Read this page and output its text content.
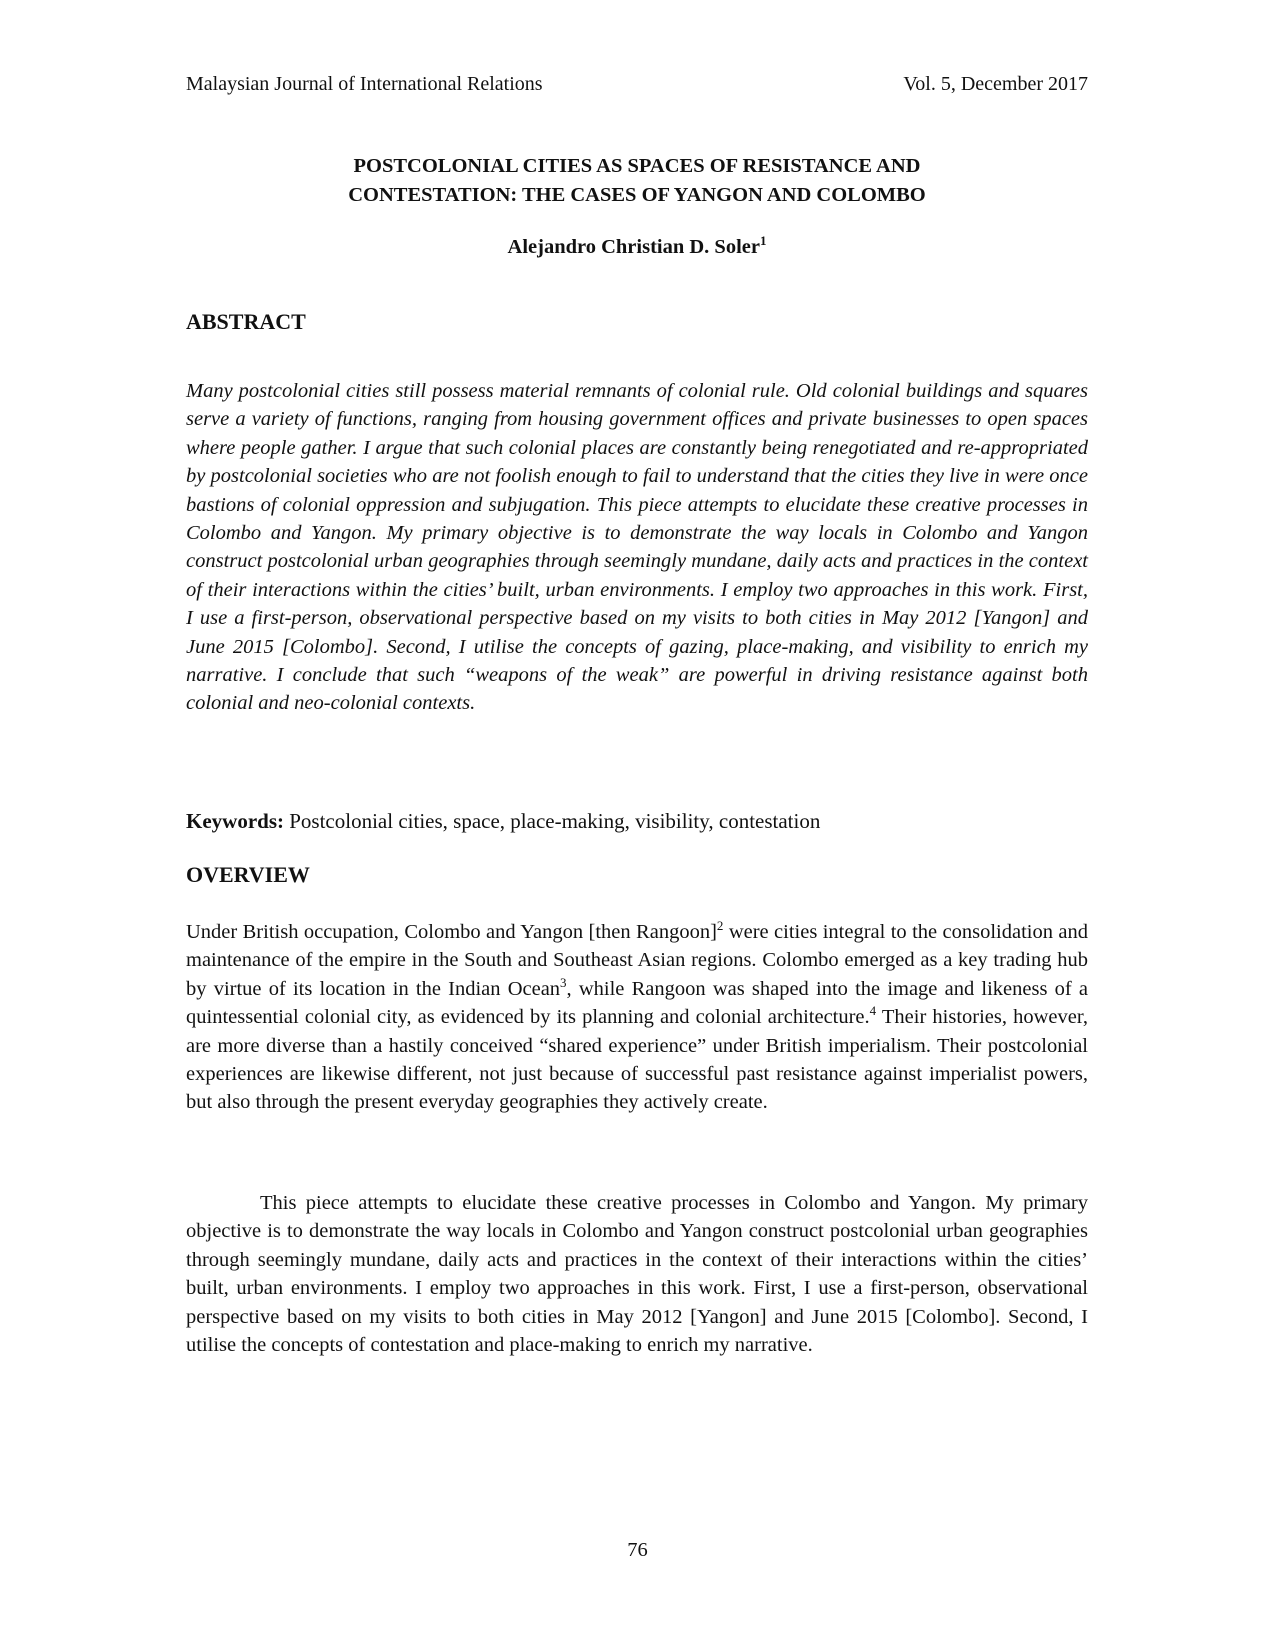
Malaysian Journal of International Relations	Vol. 5, December 2017
POSTCOLONIAL CITIES AS SPACES OF RESISTANCE AND
CONTESTATION: THE CASES OF YANGON AND COLOMBO
Alejandro Christian D. Soler$^1$
ABSTRACT
Many postcolonial cities still possess material remnants of colonial rule. Old colonial buildings and squares serve a variety of functions, ranging from housing government offices and private businesses to open spaces where people gather. I argue that such colonial places are constantly being renegotiated and re-appropriated by postcolonial societies who are not foolish enough to fail to understand that the cities they live in were once bastions of colonial oppression and subjugation. This piece attempts to elucidate these creative processes in Colombo and Yangon. My primary objective is to demonstrate the way locals in Colombo and Yangon construct postcolonial urban geographies through seemingly mundane, daily acts and practices in the context of their interactions within the cities’ built, urban environments. I employ two approaches in this work. First, I use a first-person, observational perspective based on my visits to both cities in May 2012 [Yangon] and June 2015 [Colombo]. Second, I utilise the concepts of gazing, place-making, and visibility to enrich my narrative. I conclude that such “weapons of the weak” are powerful in driving resistance against both colonial and neo-colonial contexts.
Keywords: Postcolonial cities, space, place-making, visibility, contestation
OVERVIEW
Under British occupation, Colombo and Yangon [then Rangoon]$^2$ were cities integral to the consolidation and maintenance of the empire in the South and Southeast Asian regions. Colombo emerged as a key trading hub by virtue of its location in the Indian Ocean$^3$, while Rangoon was shaped into the image and likeness of a quintessential colonial city, as evidenced by its planning and colonial architecture.$^4$ Their histories, however, are more diverse than a hastily conceived “shared experience” under British imperialism. Their postcolonial experiences are likewise different, not just because of successful past resistance against imperialist powers, but also through the present everyday geographies they actively create.
This piece attempts to elucidate these creative processes in Colombo and Yangon. My primary objective is to demonstrate the way locals in Colombo and Yangon construct postcolonial urban geographies through seemingly mundane, daily acts and practices in the context of their interactions within the cities’ built, urban environments. I employ two approaches in this work. First, I use a first-person, observational perspective based on my visits to both cities in May 2012 [Yangon] and June 2015 [Colombo]. Second, I utilise the concepts of contestation and place-making to enrich my narrative.
76
